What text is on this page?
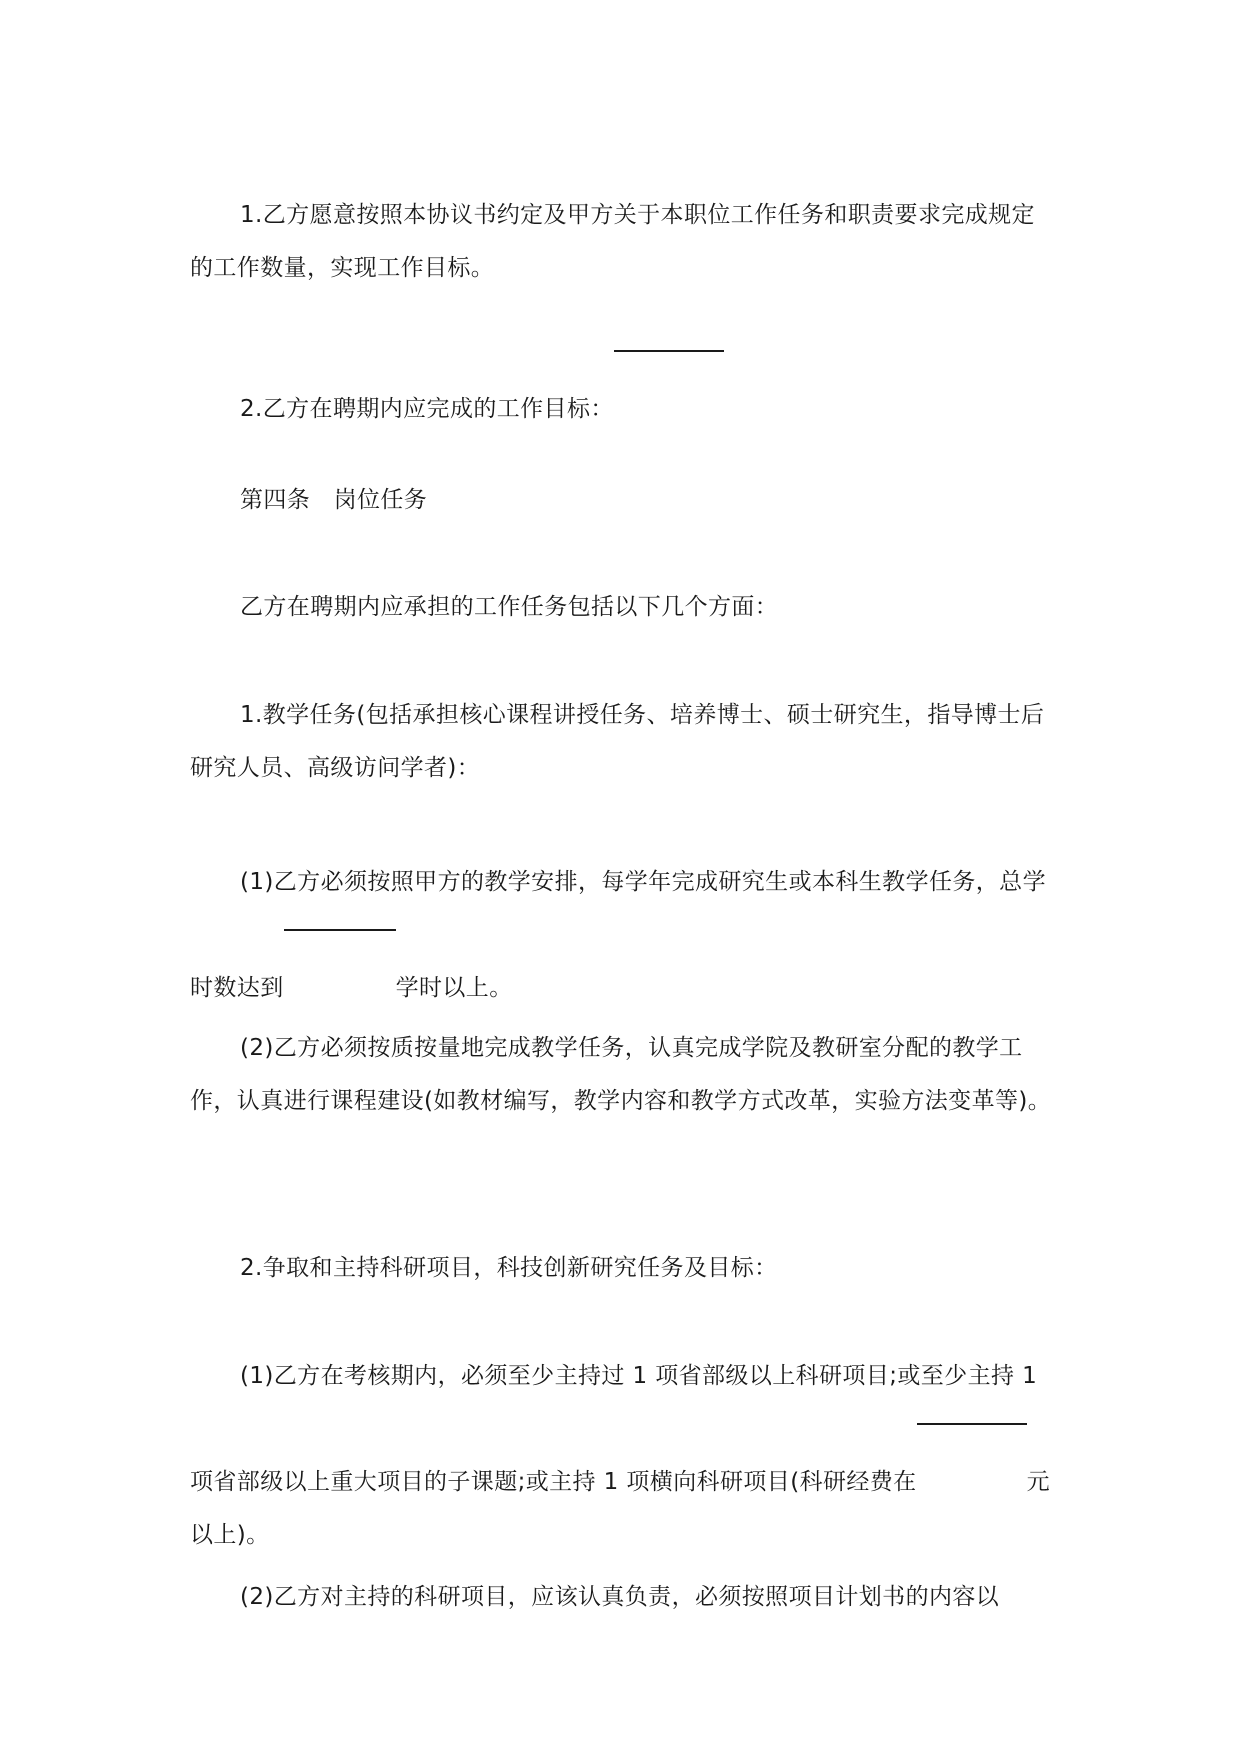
1.乙方愿意按照本协议书约定及甲方关于本职位工作任务和职责要求完成规定的工作数量，实现工作目标。

2.乙方在聘期内应完成的工作目标：

第四条　岗位任务

乙方在聘期内应承担的工作任务包括以下几个方面：

1.教学任务(包括承担核心课程讲授任务、培养博士、硕士研究生，指导博士后研究人员、高级访问学者)：

(1)乙方必须按照甲方的教学安排，每学年完成研究生或本科生教学任务，总学时数达到	学时以上。

(2)乙方必须按质按量地完成教学任务，认真完成学院及教研室分配的教学工作，认真进行课程建设(如教材编写，教学内容和教学方式改革，实验方法变革等)。

2.争取和主持科研项目，科技创新研究任务及目标：

(1)乙方在考核期内，必须至少主持过 1 项省部级以上科研项目;或至少主持 1 项省部级以上重大项目的子课题;或主持 1 项横向科研项目(科研经费在	元以上)。

(2)乙方对主持的科研项目，应该认真负责，必须按照项目计划书的内容以
